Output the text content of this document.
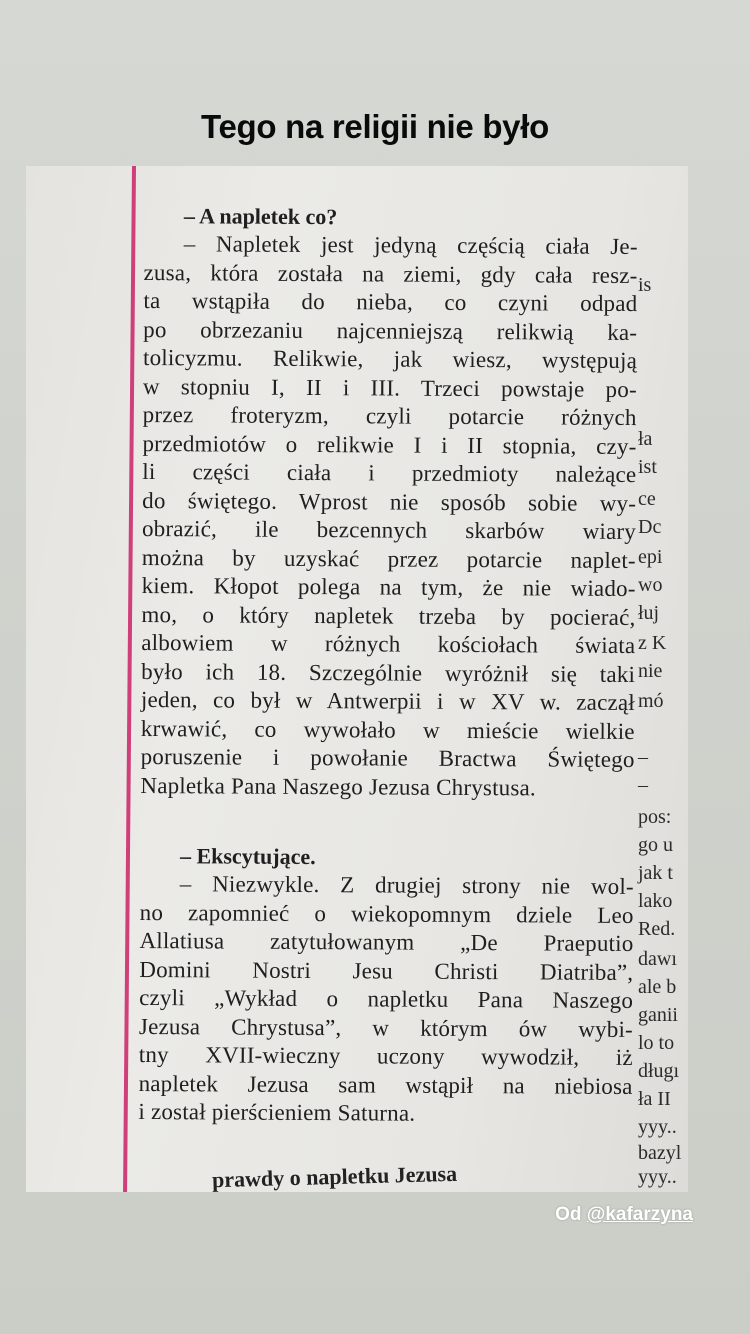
Tego na religii nie było

– A napletek co?

– Napletek jest jedyną częścią ciała Je-
zusa, która została na ziemi, gdy cała resz-
ta wstąpiła do nieba, co czyni odpad
po obrzezaniu najcenniejszą relikwią ka-
tolicyzmu. Relikwie, jak wiesz, występują
w stopniu I, II i III. Trzeci powstaje po-
przez froteryzm, czyli potarcie różnych
przedmiotów o relikwie I i II stopnia, czy-
li części ciała i przedmioty należące
do świętego. Wprost nie sposób sobie wy-
obrazić, ile bezcennych skarbów wiary
można by uzyskać przez potarcie naplet-
kiem. Kłopot polega na tym, że nie wiado-
mo, o który napletek trzeba by pocierać,
albowiem w różnych kościołach świata
było ich 18. Szczególnie wyróżnił się taki
jeden, co był w Antwerpii i w XV w. zaczął
krwawić, co wywołało w mieście wielkie
poruszenie i powołanie Bractwa Świętego
Napletka Pana Naszego Jezusa Chrystusa.

– Ekscytujące.

– Niezwykle. Z drugiej strony nie wol-
no zapomnieć o wiekopomnym dziele Leo
Allatiusa zatytułowanym „De Praeputio
Domini Nostri Jesu Christi Diatriba”,
czyli „Wykład o napletku Pana Naszego
Jezusa Chrystusa”, w którym ów wybi-
tny XVII-wieczny uczony wywodził, iż
napletek Jezusa sam wstąpił na niebiosa
i został pierścieniem Saturna.
prawdy o napletku Jezusa
is
ła
ist
ce
Dc
epi
wo
łuj
z K
nie
mó
–
–
pos:
go u
jak t
lako
Red.
dawı
ale b
ganii
lo to
długı
ła II
yyy..
bazyl
yyy..
Od @kafarzyna
